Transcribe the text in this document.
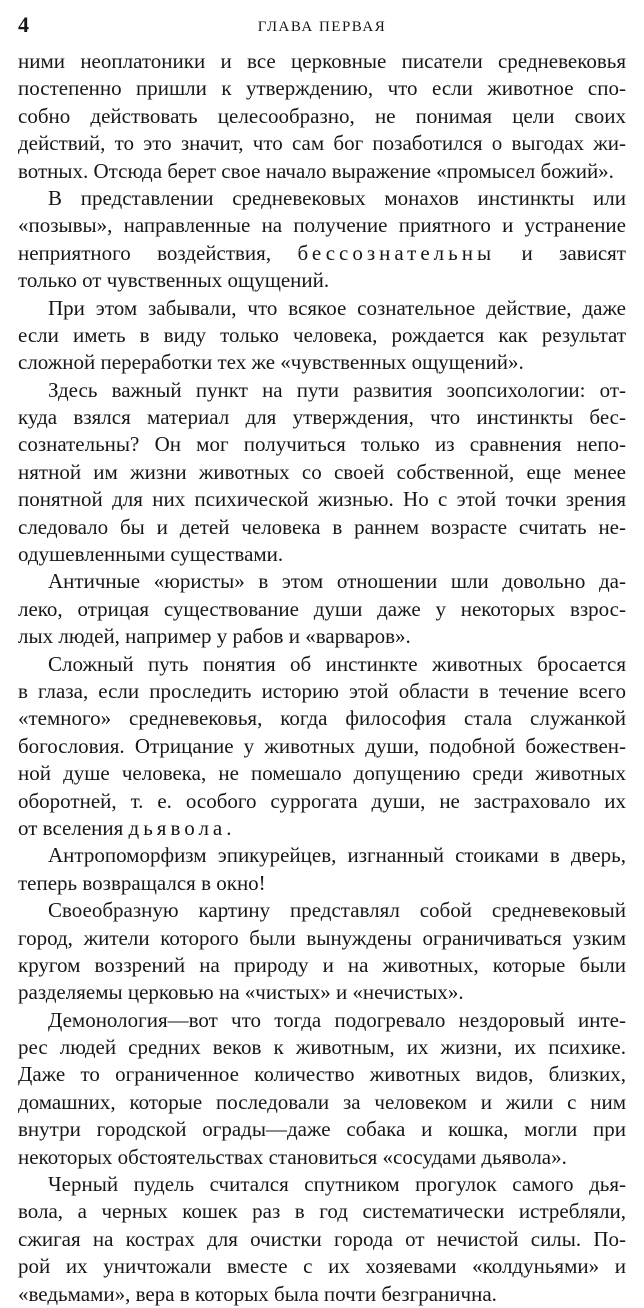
4	ГЛАВА ПЕРВАЯ
ними неоплатоники и все церковные писатели средневековья
постепенно пришли к утверждению, что если животное спо-
собно действовать целесообразно, не понимая цели своих
действий, то это значит, что сам бог позаботился о выгодах жи-
вотных. Отсюда берет свое начало выражение «промысел божий».
В представлении средневековых монахов инстинкты или
«позывы», направленные на получение приятного и устранение
неприятного воздействия, бессознательны и зависят
только от чувственных ощущений.
При этом забывали, что всякое сознательное действие, даже
если иметь в виду только человека, рождается как результат
сложной переработки тех же «чувственных ощущений».
Здесь важный пункт на пути развития зоопсихологии: от-
куда взялся материал для утверждения, что инстинкты бес-
сознательны? Он мог получиться только из сравнения непо-
нятной им жизни животных со своей собственной, еще менее
понятной для них психической жизнью. Но с этой точки зрения
следовало бы и детей человека в раннем возрасте считать не-
одушевленными существами.
Античные «юристы» в этом отношении шли довольно да-
леко, отрицая существование души даже у некоторых взрос-
лых людей, например у рабов и «варваров».
Сложный путь понятия об инстинкте животных бросается
в глаза, если проследить историю этой области в течение всего
«темного» средневековья, когда философия стала служанкой
богословия. Отрицание у животных души, подобной божествен-
ной душе человека, не помешало допущению среди животных
оборотней, т. е. особого суррогата души, не застраховало их
от вселения дьявола.
Антропоморфизм эпикурейцев, изгнанный стоиками в дверь,
теперь возвращался в окно!
Своеобразную картину представлял собой средневековый
город, жители которого были вынуждены ограничиваться узким
кругом воззрений на природу и на животных, которые были
разделяемы церковью на «чистых» и «нечистых».
Демонология—вот что тогда подогревало нездоровый инте-
рес людей средних веков к животным, их жизни, их психике.
Даже то ограниченное количество животных видов, близких,
домашних, которые последовали за человеком и жили с ним
внутри городской ограды—даже собака и кошка, могли при
некоторых обстоятельствах становиться «сосудами дьявола».
Черный пудель считался спутником прогулок самого дья-
вола, а черных кошек раз в год систематически истребляли,
сжигая на кострах для очистки города от нечистой силы. По-
рой их уничтожали вместе с их хозяевами «колдуньями» и
«ведьмами», вера в которых была почти безгранична.
